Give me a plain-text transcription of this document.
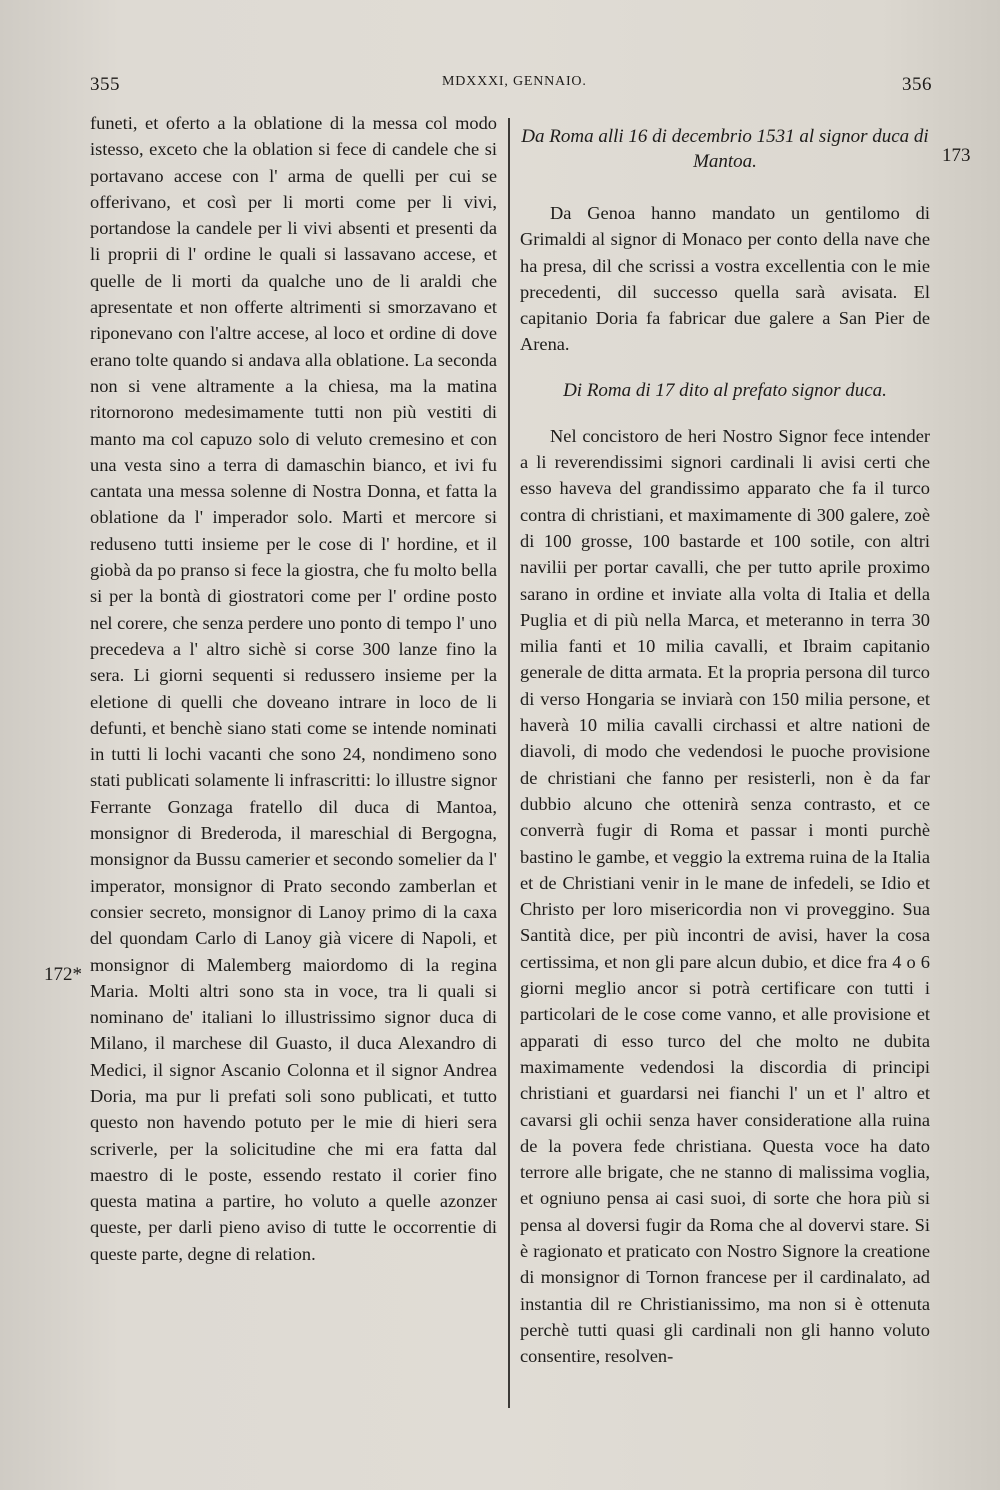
355	MDXXXI, GENNAIO.	356
172*
173

funeti, et oferto a la oblatione di la messa col modo istesso, exceto che la oblation si fece di candele che si portavano accese con l' arma de quelli per cui se offerivano, et così per li morti come per li vivi, portandose la candele per li vivi absenti et presenti da li proprii di l' ordine le quali si lassavano accese, et quelle de li morti da qualche uno de li araldi che apresentate et non offerte altrimenti si smorzavano et riponevano con l'altre accese, al loco et ordine di dove erano tolte quando si andava alla oblatione. La seconda non si vene altramente a la chiesa, ma la matina ritornorono medesimamente tutti non più vestiti di manto ma col capuzo solo di veluto cremesino et con una vesta sino a terra di damaschin bianco, et ivi fu cantata una messa solenne di Nostra Donna, et fatta la oblatione da l' imperador solo. Marti et mercore si reduseno tutti insieme per le cose di l' hordine, et il giobà da po pranso si fece la giostra, che fu molto bella si per la bontà di giostratori come per l' ordine posto nel corere, che senza perdere uno ponto di tempo l' uno precedeva a l' altro sichè si corse 300 lanze fino la sera. Li giorni sequenti si redussero insieme per la eletione di quelli che doveano intrare in loco de li defunti, et benchè siano stati come se intende nominati in tutti li lochi vacanti che sono 24, nondimeno sono stati publicati solamente li infrascritti: lo illustre signor Ferrante Gonzaga fratello dil duca di Mantoa, monsignor di Brederoda, il mareschial di Bergogna, monsignor da Bussu camerier et secondo somelier da l' imperator, monsignor di Prato secondo zamberlan et consier secreto, monsignor di Lanoy primo di la caxa del quondam Carlo di Lanoy già vicere di Napoli, et monsignor di Malemberg maiordomo di la regina Maria. Molti altri sono sta in voce, tra li quali si nominano de' italiani lo illustrissimo signor duca di Milano, il marchese dil Guasto, il duca Alexandro di Medici, il signor Ascanio Colonna et il signor Andrea Doria, ma pur li prefati soli sono publicati, et tutto questo non havendo potuto per le mie di hieri sera scriverle, per la solicitudine che mi era fatta dal maestro di le poste, essendo restato il corier fino questa matina a partire, ho voluto a quelle azonzer queste, per darli pieno aviso di tutte le occorrentie di queste parte, degne di relation.

Da Roma alli 16 di decembrio 1531 al signor duca di Mantoa.

Da Genoa hanno mandato un gentilomo di Grimaldi al signor di Monaco per conto della nave che ha presa, dil che scrissi a vostra excellentia con le mie precedenti, dil successo quella sarà avisata. El capitanio Doria fa fabricar due galere a San Pier de Arena.

Di Roma di 17 dito al prefato signor duca.

Nel concistoro de heri Nostro Signor fece intender a li reverendissimi signori cardinali li avisi certi che esso haveva del grandissimo apparato che fa il turco contra di christiani, et maximamente di 300 galere, zoè di 100 grosse, 100 bastarde et 100 sotile, con altri navilii per portar cavalli, che per tutto aprile proximo sarano in ordine et inviate alla volta di Italia et della Puglia et di più nella Marca, et meteranno in terra 30 milia fanti et 10 milia cavalli, et Ibraim capitanio generale de ditta armata. Et la propria persona dil turco di verso Hongaria se inviarà con 150 milia persone, et haverà 10 milia cavalli circhassi et altre nationi de diavoli, di modo che vedendosi le puoche provisione de christiani che fanno per resisterli, non è da far dubbio alcuno che ottenirà senza contrasto, et ce converrà fugir di Roma et passar i monti purchè bastino le gambe, et veggio la extrema ruina de la Italia et de Christiani venir in le mane de infedeli, se Idio et Christo per loro misericordia non vi proveggino. Sua Santità dice, per più incontri de avisi, haver la cosa certissima, et non gli pare alcun dubio, et dice fra 4 o 6 giorni meglio ancor si potrà certificare con tutti i particolari de le cose come vanno, et alle provisione et apparati di esso turco del che molto ne dubita maximamente vedendosi la discordia di principi christiani et guardarsi nei fianchi l' un et l' altro et cavarsi gli ochii senza haver consideratione alla ruina de la povera fede christiana. Questa voce ha dato terrore alle brigate, che ne stanno di malissima voglia, et ogniuno pensa ai casi suoi, di sorte che hora più si pensa al doversi fugir da Roma che al dovervi stare. Si è ragionato et praticato con Nostro Signore la creatione di monsignor di Tornon francese per il cardinalato, ad instantia dil re Christianissimo, ma non si è ottenuta perchè tutti quasi gli cardinali non gli hanno voluto consentire, resolven-
